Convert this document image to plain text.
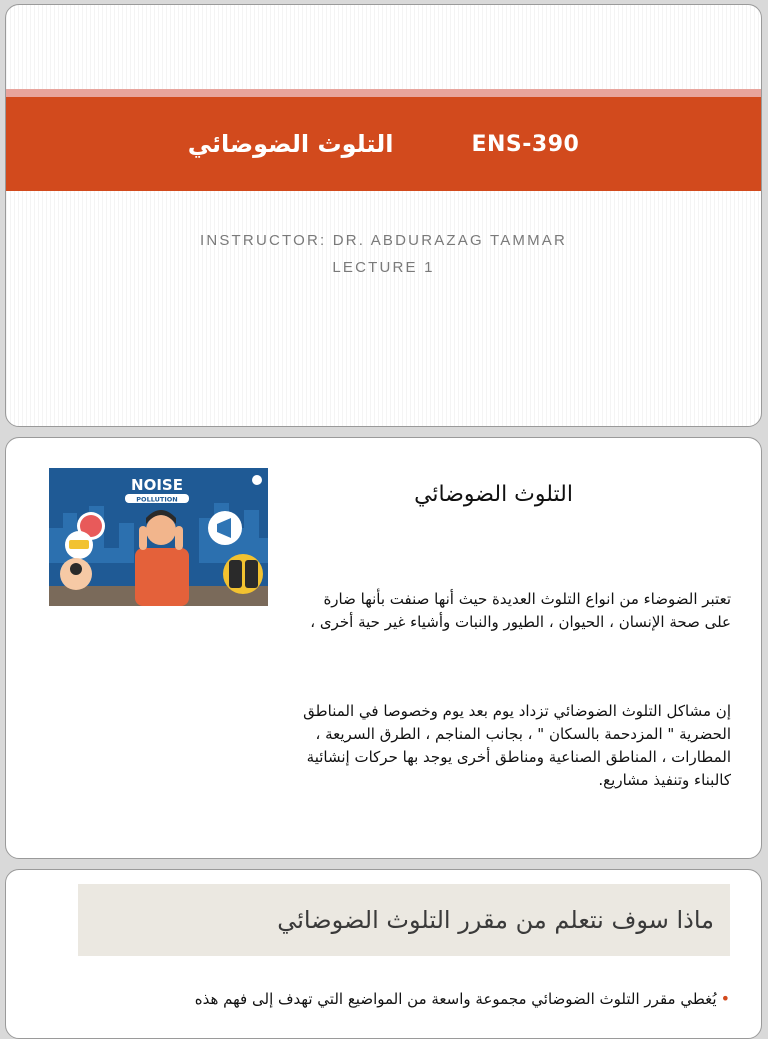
التلوث الضوضائي	ENS-390
INSTRUCTOR: DR. ABDURAZAG TAMMAR
LECTURE 1
NOISE
POLLUTION	التلوث الضوضائي
تعتبر الضوضاء من انواع التلوث العديدة حيث أنها صنفت بأنها ضارة على صحة الإنسان ، الحيوان ، الطيور والنبات وأشياء غير حية أخرى ،
إن مشاكل التلوث الضوضائي تزداد يوم بعد يوم وخصوصا في المناطق الحضرية " المزدحمة بالسكان " ، بجانب المناجم ، الطرق السريعة ، المطارات ، المناطق الصناعية ومناطق أخرى يوجد بها حركات إنشائية كالبناء وتنفيذ مشاريع.
ماذا سوف نتعلم من مقرر التلوث الضوضائي
•يُغطي مقرر التلوث الضوضائي مجموعة واسعة من المواضيع التي تهدف إلى فهم هذه
